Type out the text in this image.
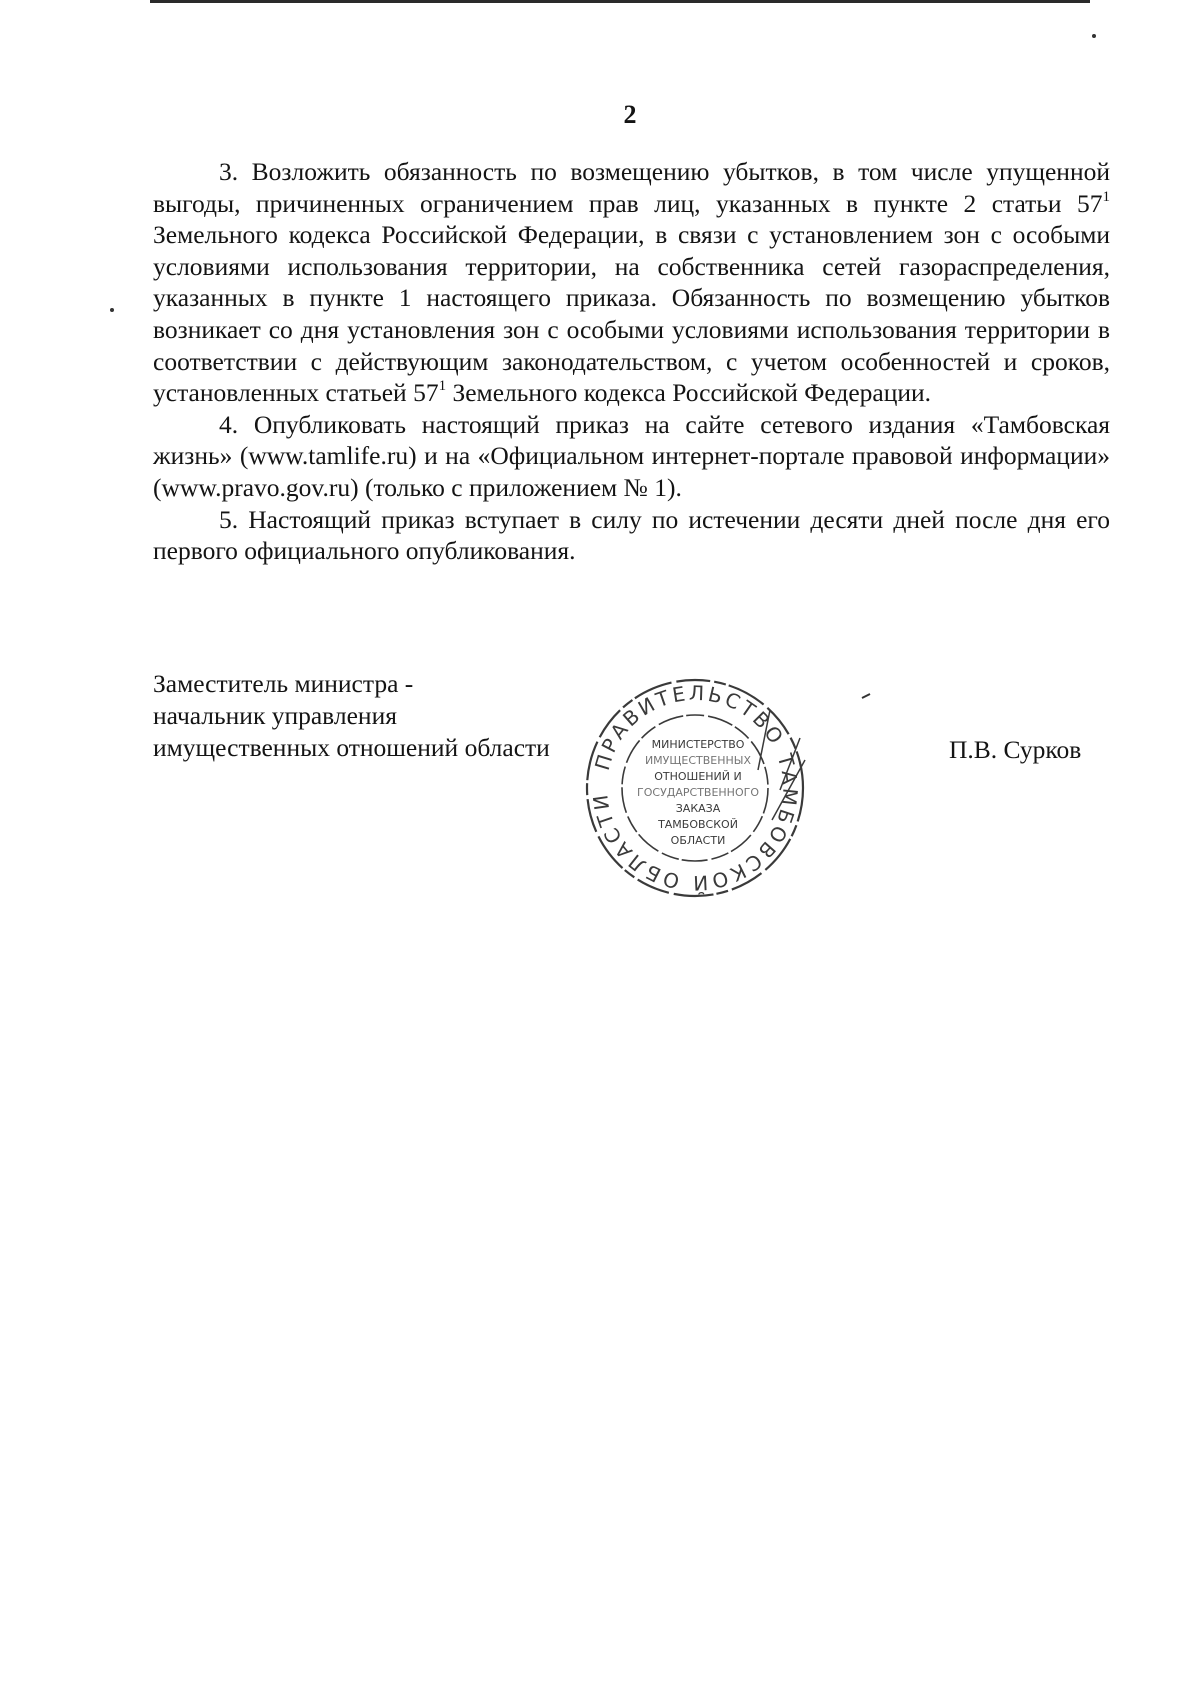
2

3. Возложить обязанность по возмещению убытков, в том числе упущенной выгоды, причиненных ограничением прав лиц, указанных в пункте 2 статьи $57^1$ Земельного кодекса Российской Федерации, в связи с установлением зон с особыми условиями использования территории, на собственника сетей газораспределения, указанных в пункте 1 настоящего приказа. Обязанность по возмещению убытков возникает со дня установления зон с особыми условиями использования территории в соответствии с действующим законодательством, с учетом особенностей и сроков, установленных статьей $57^1$ Земельного кодекса Российской Федерации.

4. Опубликовать настоящий приказ на сайте сетевого издания «Тамбовская жизнь» (www.tamlife.ru) и на «Официальном интернет-портале правовой информации» (www.pravo.gov.ru) (только с приложением № 1).

5. Настоящий приказ вступает в силу по истечении десяти дней после дня его первого официального опубликования.

Заместитель министра -
начальник управления
имущественных отношений области	П.В. Сурков
ПРАВИТЕЛЬСТВО ТАМБОВСКОЙ ОБЛАСТИ
МИНИСТЕРСТВО
ИМУЩЕСТВЕННЫХ
ОТНОШЕНИЙ И
ГОСУДАРСТВЕННОГО
ЗАКАЗА
ТАМБОВСКОЙ
ОБЛАСТИ
